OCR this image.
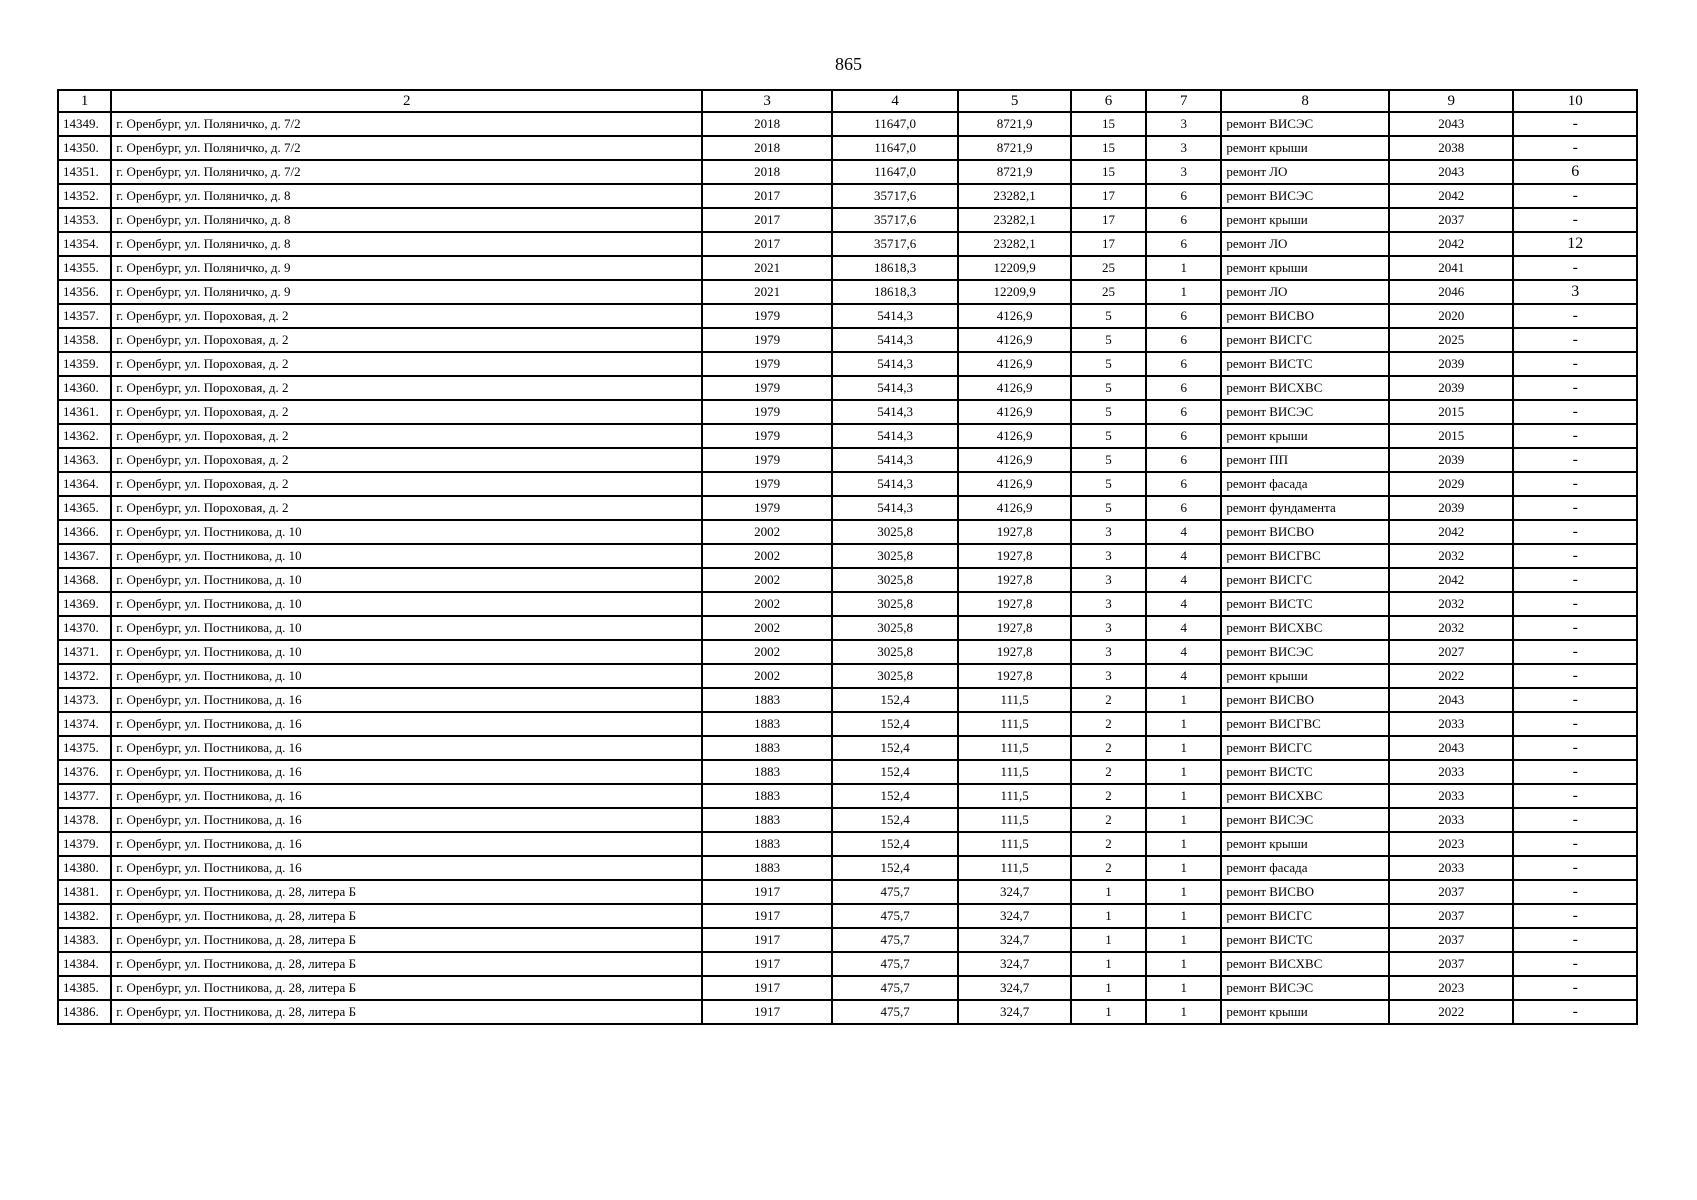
865
1	2	3	4	5	6	7	8	9	10
14349.	г. Оренбург, ул. Поляничко, д. 7/2	2018	11647,0	8721,9	15	3	ремонт ВИСЭС	2043	-
14350.	г. Оренбург, ул. Поляничко, д. 7/2	2018	11647,0	8721,9	15	3	ремонт крыши	2038	-
14351.	г. Оренбург, ул. Поляничко, д. 7/2	2018	11647,0	8721,9	15	3	ремонт ЛО	2043	6
14352.	г. Оренбург, ул. Поляничко, д. 8	2017	35717,6	23282,1	17	6	ремонт ВИСЭС	2042	-
14353.	г. Оренбург, ул. Поляничко, д. 8	2017	35717,6	23282,1	17	6	ремонт крыши	2037	-
14354.	г. Оренбург, ул. Поляничко, д. 8	2017	35717,6	23282,1	17	6	ремонт ЛО	2042	12
14355.	г. Оренбург, ул. Поляничко, д. 9	2021	18618,3	12209,9	25	1	ремонт крыши	2041	-
14356.	г. Оренбург, ул. Поляничко, д. 9	2021	18618,3	12209,9	25	1	ремонт ЛО	2046	3
14357.	г. Оренбург, ул. Пороховая, д. 2	1979	5414,3	4126,9	5	6	ремонт ВИСВО	2020	-
14358.	г. Оренбург, ул. Пороховая, д. 2	1979	5414,3	4126,9	5	6	ремонт ВИСГС	2025	-
14359.	г. Оренбург, ул. Пороховая, д. 2	1979	5414,3	4126,9	5	6	ремонт ВИСТС	2039	-
14360.	г. Оренбург, ул. Пороховая, д. 2	1979	5414,3	4126,9	5	6	ремонт ВИСХВС	2039	-
14361.	г. Оренбург, ул. Пороховая, д. 2	1979	5414,3	4126,9	5	6	ремонт ВИСЭС	2015	-
14362.	г. Оренбург, ул. Пороховая, д. 2	1979	5414,3	4126,9	5	6	ремонт крыши	2015	-
14363.	г. Оренбург, ул. Пороховая, д. 2	1979	5414,3	4126,9	5	6	ремонт ПП	2039	-
14364.	г. Оренбург, ул. Пороховая, д. 2	1979	5414,3	4126,9	5	6	ремонт фасада	2029	-
14365.	г. Оренбург, ул. Пороховая, д. 2	1979	5414,3	4126,9	5	6	ремонт фундамента	2039	-
14366.	г. Оренбург, ул. Постникова, д. 10	2002	3025,8	1927,8	3	4	ремонт ВИСВО	2042	-
14367.	г. Оренбург, ул. Постникова, д. 10	2002	3025,8	1927,8	3	4	ремонт ВИСГВС	2032	-
14368.	г. Оренбург, ул. Постникова, д. 10	2002	3025,8	1927,8	3	4	ремонт ВИСГС	2042	-
14369.	г. Оренбург, ул. Постникова, д. 10	2002	3025,8	1927,8	3	4	ремонт ВИСТС	2032	-
14370.	г. Оренбург, ул. Постникова, д. 10	2002	3025,8	1927,8	3	4	ремонт ВИСХВС	2032	-
14371.	г. Оренбург, ул. Постникова, д. 10	2002	3025,8	1927,8	3	4	ремонт ВИСЭС	2027	-
14372.	г. Оренбург, ул. Постникова, д. 10	2002	3025,8	1927,8	3	4	ремонт крыши	2022	-
14373.	г. Оренбург, ул. Постникова, д. 16	1883	152,4	111,5	2	1	ремонт ВИСВО	2043	-
14374.	г. Оренбург, ул. Постникова, д. 16	1883	152,4	111,5	2	1	ремонт ВИСГВС	2033	-
14375.	г. Оренбург, ул. Постникова, д. 16	1883	152,4	111,5	2	1	ремонт ВИСГС	2043	-
14376.	г. Оренбург, ул. Постникова, д. 16	1883	152,4	111,5	2	1	ремонт ВИСТС	2033	-
14377.	г. Оренбург, ул. Постникова, д. 16	1883	152,4	111,5	2	1	ремонт ВИСХВС	2033	-
14378.	г. Оренбург, ул. Постникова, д. 16	1883	152,4	111,5	2	1	ремонт ВИСЭС	2033	-
14379.	г. Оренбург, ул. Постникова, д. 16	1883	152,4	111,5	2	1	ремонт крыши	2023	-
14380.	г. Оренбург, ул. Постникова, д. 16	1883	152,4	111,5	2	1	ремонт фасада	2033	-
14381.	г. Оренбург, ул. Постникова, д. 28, литера Б	1917	475,7	324,7	1	1	ремонт ВИСВО	2037	-
14382.	г. Оренбург, ул. Постникова, д. 28, литера Б	1917	475,7	324,7	1	1	ремонт ВИСГС	2037	-
14383.	г. Оренбург, ул. Постникова, д. 28, литера Б	1917	475,7	324,7	1	1	ремонт ВИСТС	2037	-
14384.	г. Оренбург, ул. Постникова, д. 28, литера Б	1917	475,7	324,7	1	1	ремонт ВИСХВС	2037	-
14385.	г. Оренбург, ул. Постникова, д. 28, литера Б	1917	475,7	324,7	1	1	ремонт ВИСЭС	2023	-
14386.	г. Оренбург, ул. Постникова, д. 28, литера Б	1917	475,7	324,7	1	1	ремонт крыши	2022	-
